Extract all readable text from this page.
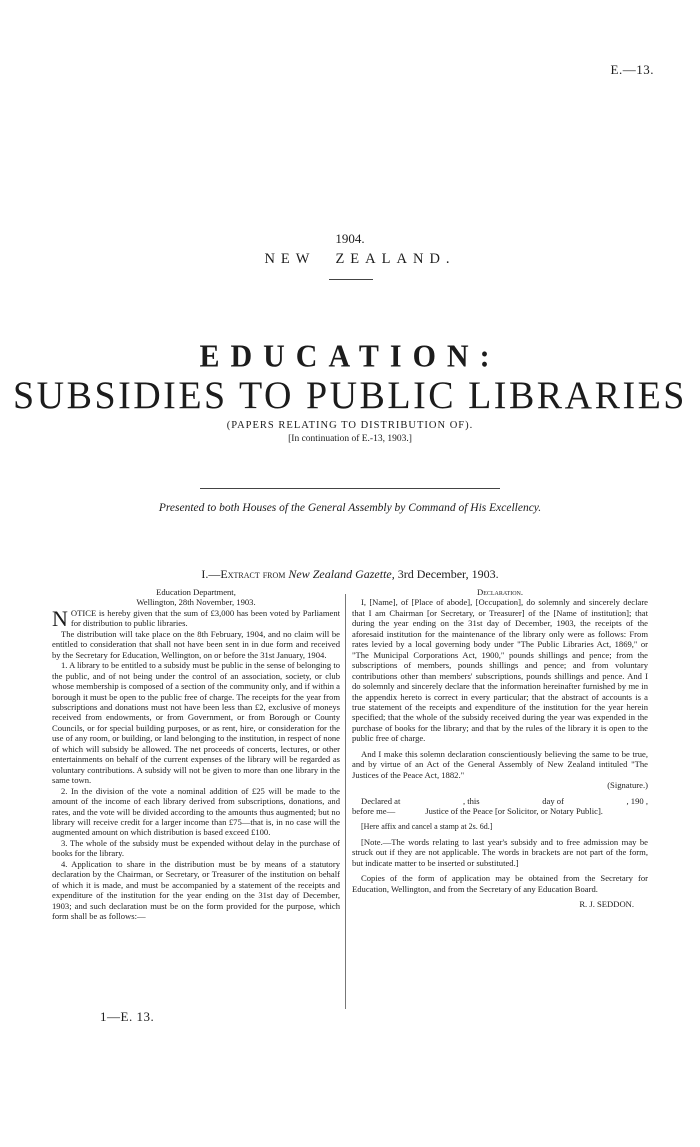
E.—13.
1904.
NEW ZEALAND.
EDUCATION:
SUBSIDIES TO PUBLIC LIBRARIES
(PAPERS RELATING TO DISTRIBUTION OF).
[In continuation of E.-13, 1903.]
Presented to both Houses of the General Assembly by Command of His Excellency.
I.—Extract from New Zealand Gazette, 3rd December, 1903.

Education Department,

Wellington, 28th November, 1903.

NOTICE is hereby given that the sum of £3,000 has been voted by Parliament for distribution to public libraries.

The distribution will take place on the 8th February, 1904, and no claim will be entitled to consideration that shall not have been sent in in due form and received by the Secretary for Education, Wellington, on or before the 31st January, 1904.

1. A library to be entitled to a subsidy must be public in the sense of belonging to the public, and of not being under the control of an association, society, or club whose membership is composed of a section of the community only, and if within a borough it must be open to the public free of charge. The receipts for the year from subscriptions and donations must not have been less than £2, exclusive of moneys received from endowments, or from Government, or from Borough or County Councils, or for special building purposes, or as rent, hire, or consideration for the use of any room, or building, or land belonging to the institution, in respect of none of which will subsidy be allowed. The net proceeds of concerts, lectures, or other entertainments on behalf of the current expenses of the library will be regarded as voluntary contributions. A subsidy will not be given to more than one library in the same town.

2. In the division of the vote a nominal addition of £25 will be made to the amount of the income of each library derived from subscriptions, donations, and rates, and the vote will be divided according to the amounts thus augmented; but no library will receive credit for a larger income than £75—that is, in no case will the augmented amount on which distribution is based exceed £100.

3. The whole of the subsidy must be expended without delay in the purchase of books for the library.

4. Application to share in the distribution must be by means of a statutory declaration by the Chairman, or Secretary, or Treasurer of the institution on behalf of which it is made, and must be accompanied by a statement of the receipts and expenditure of the institution for the year ending on the 31st day of December, 1903; and such declaration must be on the form provided for the purpose, which form shall be as follows:—

Declaration.

I, [Name], of [Place of abode], [Occupation], do solemnly and sincerely declare that I am Chairman [or Secretary, or Treasurer] of the [Name of institution]; that during the year ending on the 31st day of December, 1903, the receipts of the aforesaid institution for the maintenance of the library only were as follows: From rates levied by a local governing body under "The Public Libraries Act, 1869," or "The Municipal Corporations Act, 1900," pounds shillings and pence; from the subscriptions of members, pounds shillings and pence; and from voluntary contributions other than members' subscriptions, pounds shillings and pence. And I do solemnly and sincerely declare that the information hereinafter furnished by me in the appendix hereto is correct in every particular; that the abstract of accounts is a true statement of the receipts and expenditure of the institution for the year herein specified; that the whole of the subsidy received during the year was expended in the purchase of books for the library; and that by the rules of the library it is open to the public free of charge.

And I make this solemn declaration conscientiously believing the same to be true, and by virtue of an Act of the General Assembly of New Zealand intituled "The Justices of the Peace Act, 1882."

(Signature.)

Declared at	, this	day of	, 190 ,

before me—	Justice of the Peace [or Solicitor, or Notary Public].

[Here affix and cancel a stamp at 2s. 6d.]

[Note.—The words relating to last year's subsidy and to free admission may be struck out if they are not applicable. The words in brackets are not part of the form, but indicate matter to be inserted or substituted.]

Copies of the form of application may be obtained from the Secretary for Education, Wellington, and from the Secretary of any Education Board.

R. J. SEDDON.

1—E. 13.
